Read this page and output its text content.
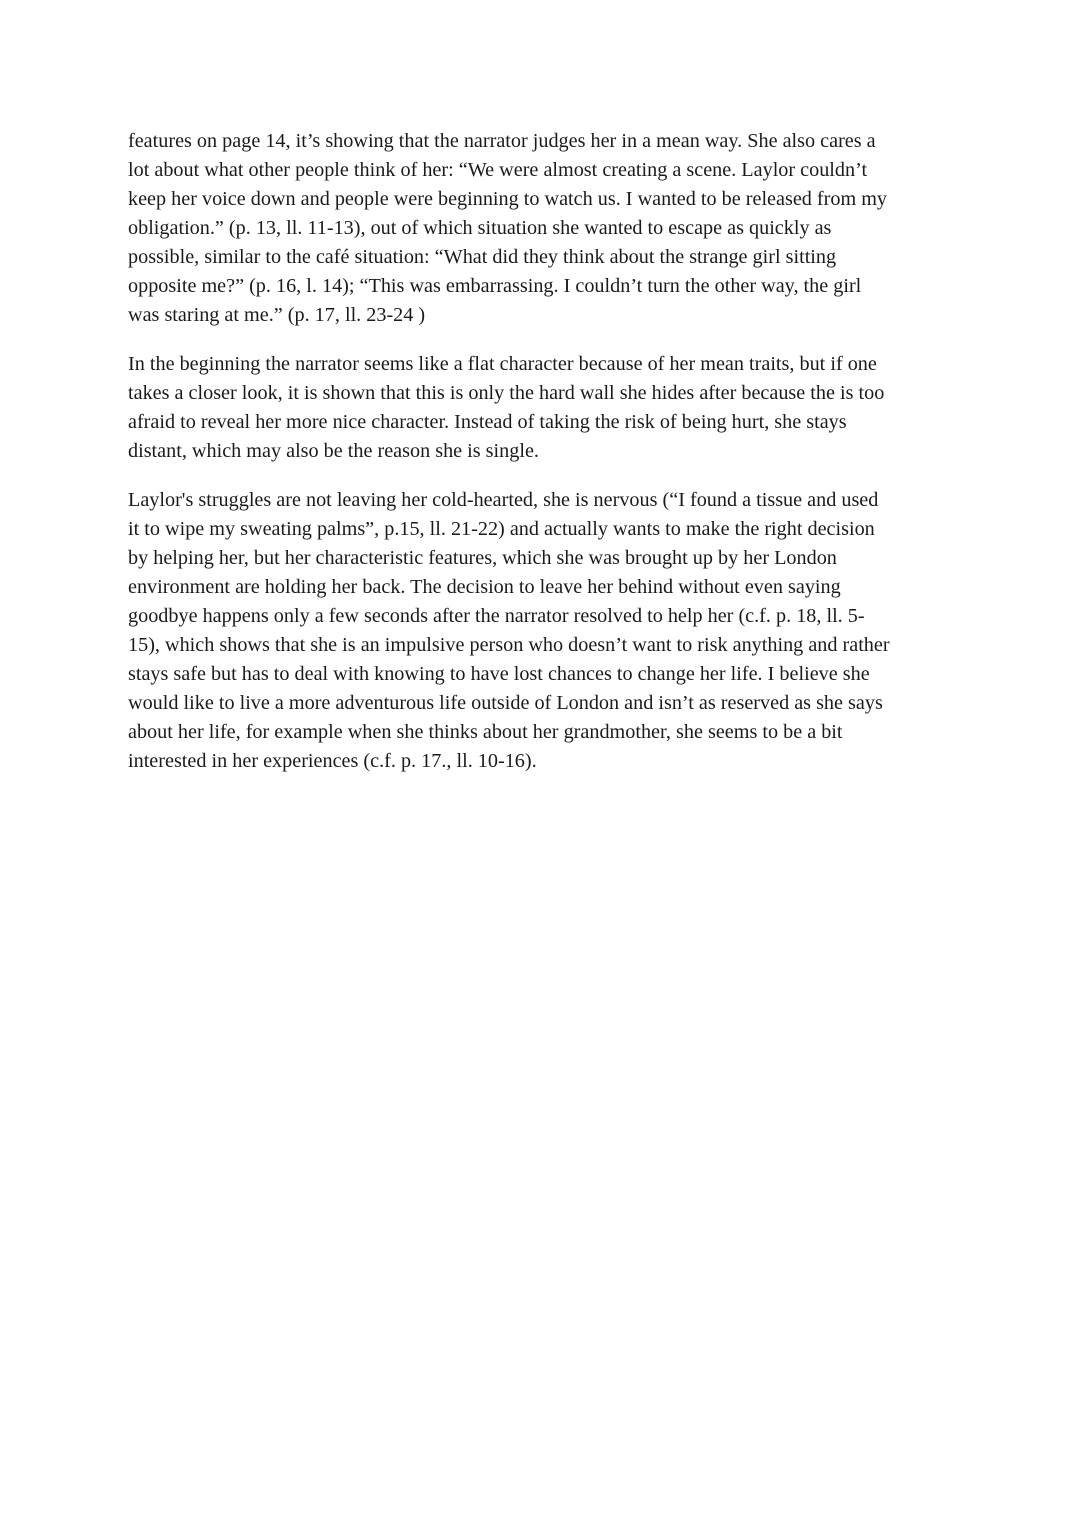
features on page 14, it’s showing that the narrator judges her in a mean way. She also cares a
lot about what other people think of her: “We were almost creating a scene. Laylor couldn’t
keep her voice down and people were beginning to watch us. I wanted to be released from my
obligation.” (p. 13, ll. 11-13), out of which situation she wanted to escape as quickly as
possible, similar to the café situation: “What did they think about the strange girl sitting
opposite me?” (p. 16, l. 14); “This was embarrassing. I couldn’t turn the other way, the girl
was staring at me.” (p. 17, ll. 23-24 )

In the beginning the narrator seems like a flat character because of her mean traits, but if one
takes a closer look, it is shown that this is only the hard wall she hides after because the is too
afraid to reveal her more nice character. Instead of taking the risk of being hurt, she stays
distant, which may also be the reason she is single.

Laylor's struggles are not leaving her cold-hearted, she is nervous (“I found a tissue and used
it to wipe my sweating palms”, p.15, ll. 21-22) and actually wants to make the right decision
by helping her, but her characteristic features, which she was brought up by her London
environment are holding her back. The decision to leave her behind without even saying
goodbye happens only a few seconds after the narrator resolved to help her (c.f. p. 18, ll. 5-
15), which shows that she is an impulsive person who doesn’t want to risk anything and rather
stays safe but has to deal with knowing to have lost chances to change her life. I believe she
would like to live a more adventurous life outside of London and isn’t as reserved as she says
about her life, for example when she thinks about her grandmother, she seems to be a bit
interested in her experiences (c.f. p. 17., ll. 10-16).
